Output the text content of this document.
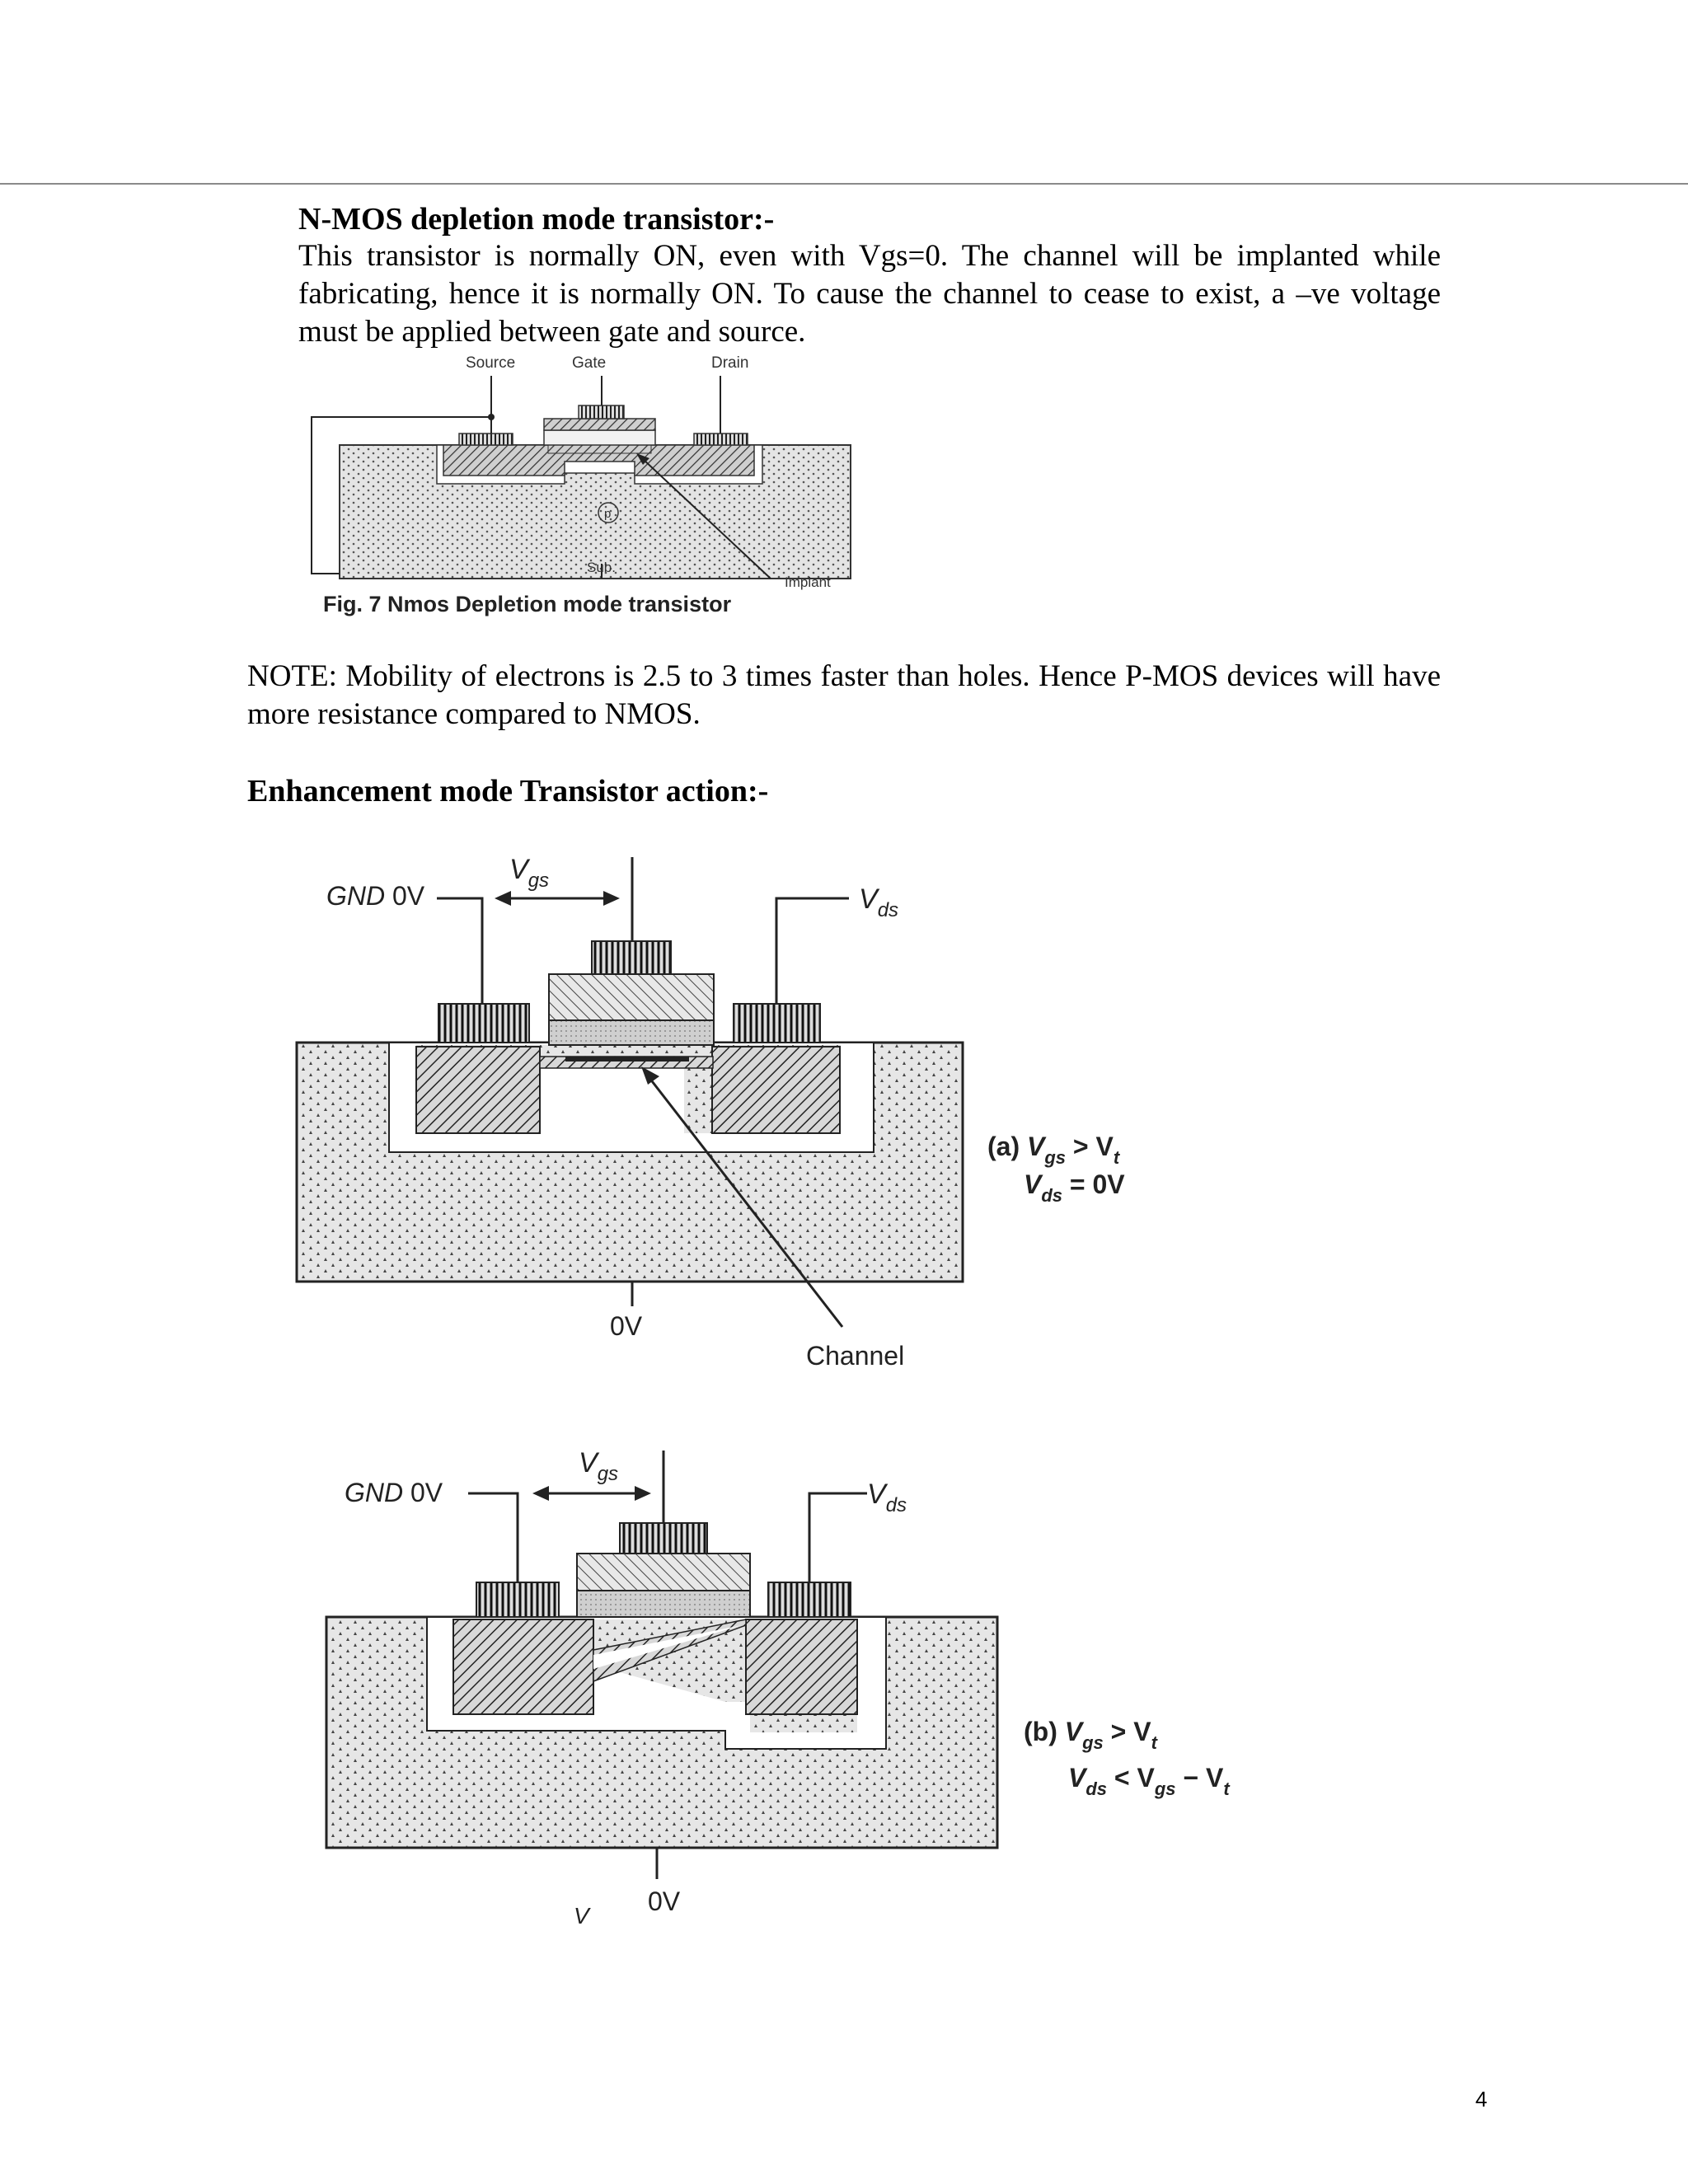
N-MOS depletion mode transistor:-

This transistor is normally ON, even with Vgs=0. The channel will be implanted while fabricating, hence it is normally ON. To cause the channel to cease to exist, a –ve voltage must be applied between gate and source.

Source	Gate	Drain
p
Sub.
Implant
Fig. 7 Nmos Depletion mode transistor

NOTE: Mobility of electrons is 2.5 to 3 times faster than holes. Hence P-MOS devices will have more resistance compared to NMOS.

Enhancement mode Transistor action:-
GND 0V
$V_{gs}$
$V_{ds}$
0V
Channel
(a) $V_{gs} > V_t$
$V_{ds} = 0V$
GND 0V
$V_{gs}$
$V_{ds}$
0V
V
(b) $V_{gs} > V_t$
$V_{ds} < V_{gs} - V_t$
4
